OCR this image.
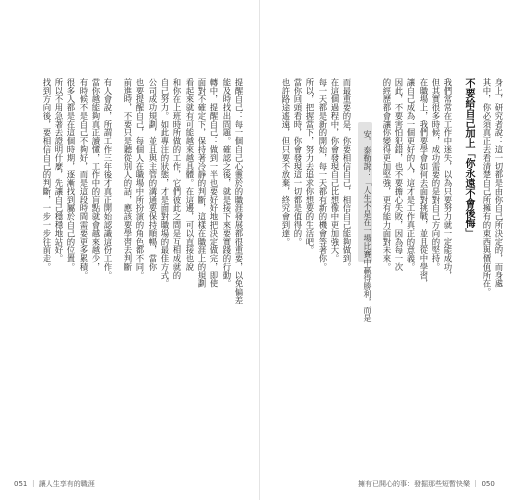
提醒自己：每一個自己心靈於的職涯發展都很重要，以免偏差
能及時找出問題。確認之後，就是接下來要實踐的行動。
轉中，提醒自己：做到一半也要好好地把決定做完，即使
面對不確定下，保持著冷靜的判斷，這樣在職涯上的規劃
看起來就有可能越來越具體。在這邊，可以直接也說
和你在上班時所做的工作，它們彼此之間是互相成就的
自己努力。如此專注的狀態，才是面對職場的最佳方式。
公司成功規劃，並且與主管的溝通要保持順暢，當你
也要提醒自己，每個人在職場中所扮演的角色都不同。
前進時，不要只是聽從別人的話，應該要學習去判斷
有人會說，所謂工作三年後才真正開始認識這份工作。
當你越能夠真正讀懂，工作中的盲點就會越來越少，
有時候不是自己不夠好，而是這段時間需要更多累積。
很多人都是在這個時期，逐漸找到屬於自己的位置。
所以不用急著去證明什麼，先讓自己穩穩地站好。
找到方向後，要相信自己的判斷，一步一步往前走。
051 ｜ 讓人生享有的職涯
身上，研究者說：這一切都是由你自己所決定的，而身處
其中，你必須真正去看清楚自己所擁有的東西與價值所在。
不要給自己加上「你永遠不會後悔」
我們常常在工作中迷失，以為只要努力就一定能成功，
但其實很多時候，成功需要的是對自己方向的堅持。
在職場上，我們要學會如何去面對挑戰，並且從中學習，
讓自己成為一個更好的人，這才是工作真正的意義。
因此，不要害怕犯錯，也不要擔心失敗，因為每一次
的經歷都會讓你變得更加堅強，更有能力面對未來。
安．泰勒說：「人生不是在一場比賽中贏得勝利，而是
而最重要的是，你要相信自己，相信自己能夠做到。
在這個過程中，你會發現自己比想像中更加強大。
每一天都是新的開始，每一天都有新的機會等著你。
所以，把握當下，努力去追求你想要的生活吧。
當你回頭看時，你會發現這一切都是值得的。
也許路途遙遠，但只要不放棄，終究會到達。
擁有已開心的事：發掘那些短暫快樂 ｜ 050
